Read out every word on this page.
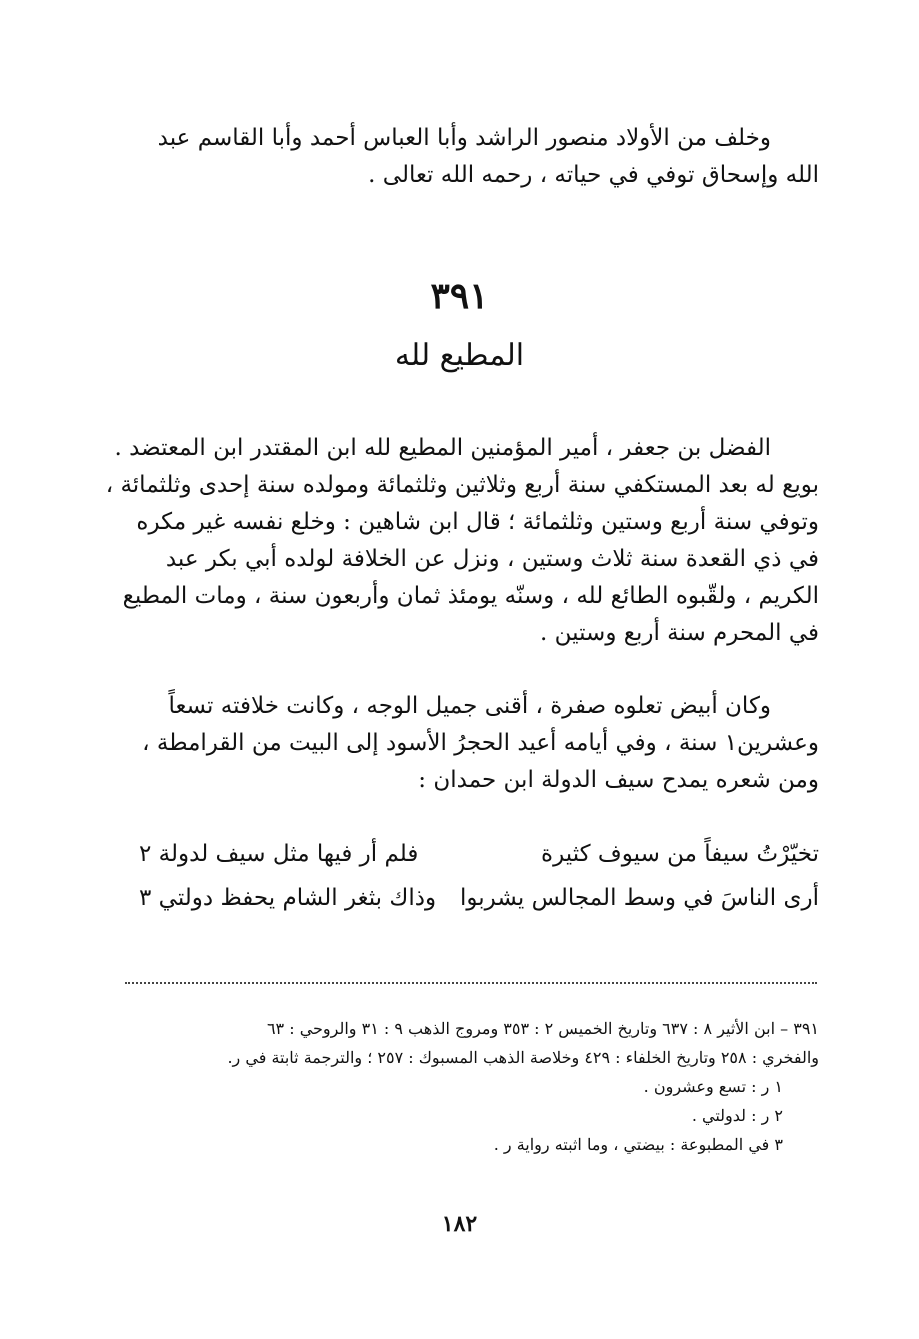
وخلف من الأولاد منصور الراشد وأبا العباس أحمد وأبا القاسم عبد
الله وإسحاق توفي في حياته ، رحمه الله تعالى .
٣٩١
المطيع لله
الفضل بن جعفر ، أمير المؤمنين المطيع لله ابن المقتدر ابن المعتضد .
بويع له بعد المستكفي سنة أربع وثلاثين وثلثمائة ومولده سنة إحدى وثلثمائة ،
وتوفي سنة أربع وستين وثلثمائة ؛ قال ابن شاهين : وخلع نفسه غير مكره
في ذي القعدة سنة ثلاث وستين ، ونزل عن الخلافة لولده أبي بكر عبد
الكريم ، ولقّبوه الطائع لله ، وسنّه يومئذ ثمان وأربعون سنة ، ومات المطيع
في المحرم سنة أربع وستين .
وكان أبيض تعلوه صفرة ، أقنى جميل الوجه ، وكانت خلافته تسعاً
وعشرين١ سنة ، وفي أيامه أعيد الحجرُ الأسود إلى البيت من القرامطة ،
ومن شعره يمدح سيف الدولة ابن حمدان :
تخيّرْتُ سيفاً من سيوف كثيرة
فلم أر فيها مثل سيف لدولة ٢
أرى الناسَ في وسط المجالس يشربوا
وذاك بثغر الشام يحفظ دولتي ٣
٣٩١ – ابن الأثير ٨ : ٦٣٧ وتاريخ الخميس ٢ : ٣٥٣ ومروج الذهب ٩ : ٣١ والروحي : ٦٣
والفخري : ٢٥٨ وتاريخ الخلفاء : ٤٢٩ وخلاصة الذهب المسبوك : ٢٥٧ ؛ والترجمة ثابتة في ر.
١ ر : تسع وعشرون .
٢ ر : لدولتي .
٣ في المطبوعة : بيضتي ، وما اثبته رواية ر .
١٨٢
